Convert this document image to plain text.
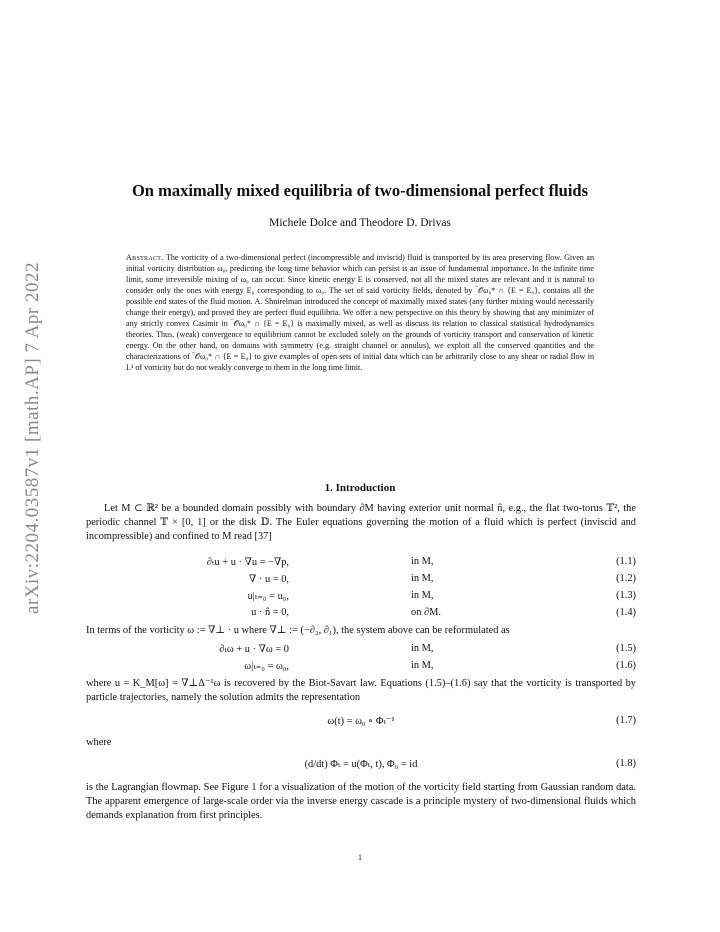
arXiv:2204.03587v1 [math.AP] 7 Apr 2022
On maximally mixed equilibria of two-dimensional perfect fluids
Michele Dolce and Theodore D. Drivas
Abstract. The vorticity of a two-dimensional perfect (incompressible and inviscid) fluid is transported by its area preserving flow. Given an initial vorticity distribution ω₀, predicting the long time behavior which can persist is an issue of fundamental importance. In the infinite time limit, some irreversible mixing of ω₀ can occur. Since kinetic energy E is conserved, not all the mixed states are relevant and it is natural to consider only the ones with energy E₀ corresponding to ω₀. The set of said vorticity fields, denoted by ‾𝒪ω₀* ∩ {E = E₀}, contains all the possible end states of the fluid motion. A. Shnirelman introduced the concept of maximally mixed states (any further mixing would necessarily change their energy), and proved they are perfect fluid equilibria. We offer a new perspective on this theory by showing that any minimizer of any strictly convex Casimir in ‾𝒪ω₀* ∩ {E = E₀} is maximally mixed, as well as discuss its relation to classical statistical hydrodynamics theories. Thus, (weak) convergence to equilibrium cannot be excluded solely on the grounds of vorticity transport and conservation of kinetic energy. On the other hand, on domains with symmetry (e.g. straight channel or annulus), we exploit all the conserved quantities and the characterizations of ‾𝒪ω₀* ∩ {E = E₀} to give examples of open sets of initial data which can be arbitrarily close to any shear or radial flow in L¹ of vorticity but do not weakly converge to them in the long time limit.
1. Introduction
Let M ⊂ ℝ² be a bounded domain possibly with boundary ∂M having exterior unit normal n̂, e.g., the flat two-torus 𝕋², the periodic channel 𝕋 × [0, 1] or the disk 𝔻. The Euler equations governing the motion of a fluid which is perfect (inviscid and incompressible) and confined to M read [37]
∂ₜu + u · ∇u = −∇p,	in M,	(1.1)
∇ · u = 0,	in M,	(1.2)
u|ₜ₌₀ = u₀,	in M,	(1.3)
u · n̂ = 0,	on ∂M.	(1.4)
In terms of the vorticity ω := ∇⊥ · u where ∇⊥ := (−∂₂, ∂₁), the system above can be reformulated as
∂ₜω + u · ∇ω = 0	in M,	(1.5)
ω|ₜ₌₀ = ω₀,	in M,	(1.6)
where u = K_M[ω] = ∇⊥Δ⁻¹ω is recovered by the Biot-Savart law. Equations (1.5)–(1.6) say that the vorticity is transported by particle trajectories, namely the solution admits the representation
ω(t) = ω₀ ∘ Φₜ⁻¹	(1.7)
where
(d/dt) Φₜ = u(Φₜ, t), Φ₀ = id	(1.8)
is the Lagrangian flowmap. See Figure 1 for a visualization of the motion of the vorticity field starting from Gaussian random data. The apparent emergence of large-scale order via the inverse energy cascade is a principle mystery of two-dimensional fluids which demands explanation from first principles.
1
